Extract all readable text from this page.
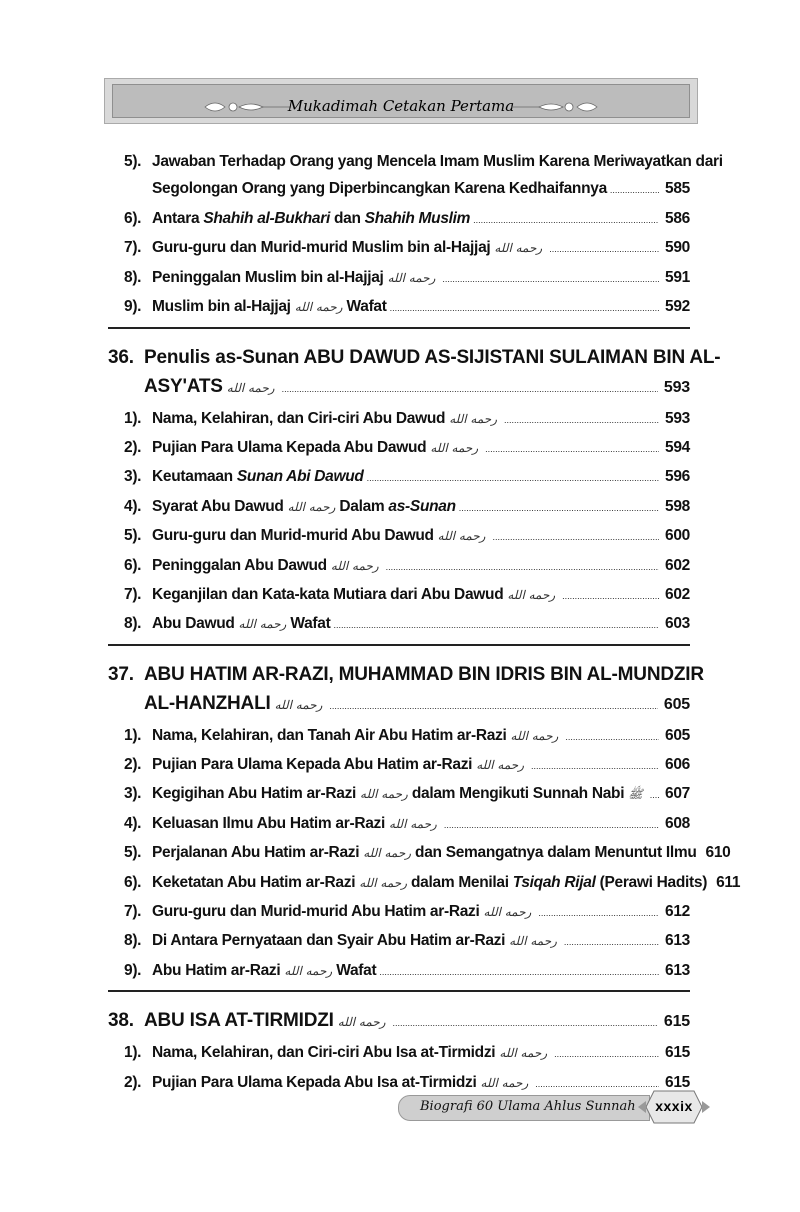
Mukadimah Cetakan Pertama
5). Jawaban Terhadap Orang yang Mencela Imam Muslim Karena Meriwayatkan dari
Segolongan Orang yang Diperbincangkan Karena Kedhaifannya .....	585
6). Antara Shahih al-Bukhari dan Shahih Muslim .....	586
7). Guru-guru dan Murid-murid Muslim bin al-Hajjaj رحمه الله .....	590
8). Peninggalan Muslim bin al-Hajjaj رحمه الله .....	591
9). Muslim bin al-Hajjaj رحمه الله Wafat .....	592
36. Penulis as-Sunan ABU DAWUD AS-SIJISTANI SULAIMAN BIN AL-
ASY'ATS رحمه الله .....	593
1). Nama, Kelahiran, dan Ciri-ciri Abu Dawud رحمه الله .....	593
2). Pujian Para Ulama Kepada Abu Dawud رحمه الله .....	594
3). Keutamaan Sunan Abi Dawud .....	596
4). Syarat Abu Dawud رحمه الله Dalam as-Sunan .....	598
5). Guru-guru dan Murid-murid Abu Dawud رحمه الله .....	600
6). Peninggalan Abu Dawud رحمه الله .....	602
7). Keganjilan dan Kata-kata Mutiara dari Abu Dawud رحمه الله .....	602
8). Abu Dawud رحمه الله Wafat .....	603
37. ABU HATIM AR-RAZI, MUHAMMAD BIN IDRIS BIN AL-MUNDZIR
AL-HANZHALI رحمه الله .....	605
1). Nama, Kelahiran, dan Tanah Air Abu Hatim ar-Razi رحمه الله .....	605
2). Pujian Para Ulama Kepada Abu Hatim ar-Razi رحمه الله .....	606
3). Kegigihan Abu Hatim ar-Razi رحمه الله dalam Mengikuti Sunnah Nabi ﷺ ..... 607
4). Keluasan Ilmu Abu Hatim ar-Razi رحمه الله .....	608
5). Perjalanan Abu Hatim ar-Razi رحمه الله dan Semangatnya dalam Menuntut Ilmu 610
6). Keketatan Abu Hatim ar-Razi رحمه الله dalam Menilai Tsiqah Rijal (Perawi Hadits) 611
7). Guru-guru dan Murid-murid Abu Hatim ar-Razi رحمه الله .....	612
8). Di Antara Pernyataan dan Syair Abu Hatim ar-Razi رحمه الله .....	613
9). Abu Hatim ar-Razi رحمه الله Wafat .....	613
38. ABU ISA AT-TIRMIDZI رحمه الله .....	615
1). Nama, Kelahiran, dan Ciri-ciri Abu Isa at-Tirmidzi رحمه الله .....	615
2). Pujian Para Ulama Kepada Abu Isa at-Tirmidzi رحمه الله .....	615
Biografi 60 Ulama Ahlus Sunnah	xxxix
